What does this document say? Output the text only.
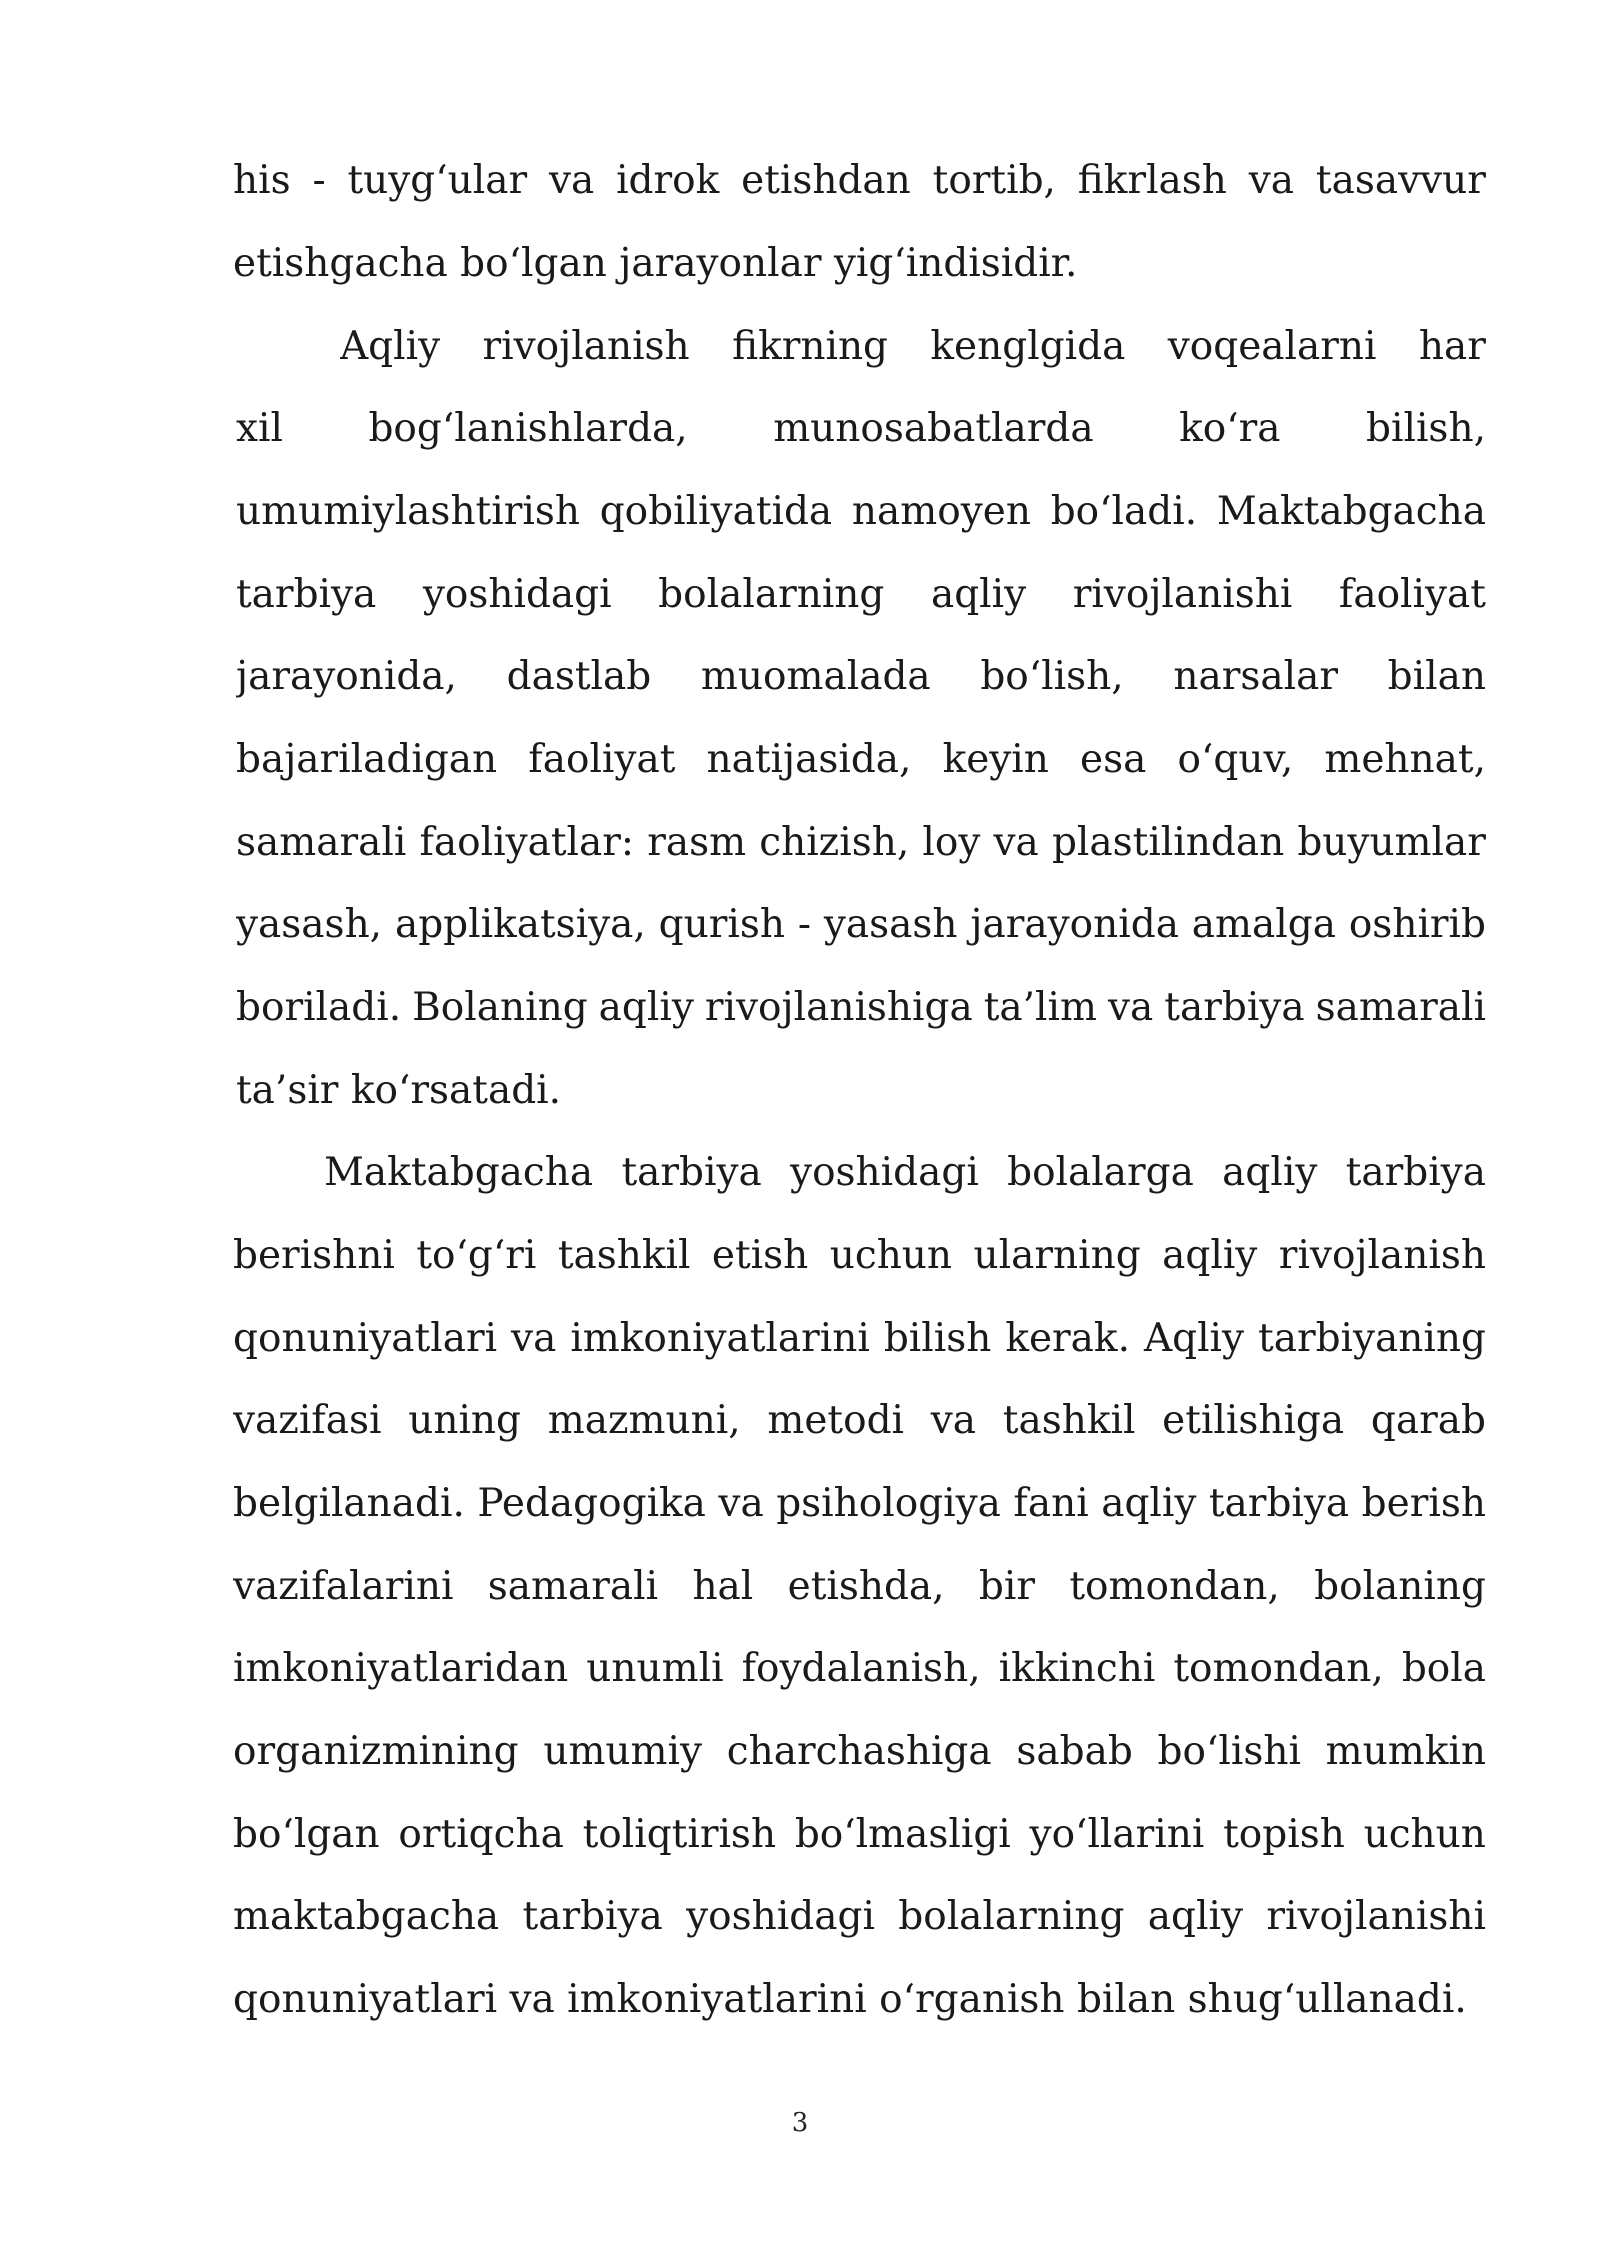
his - tuyg‘ular va idrok etishdan tortib, fikrlash va tasavvur
etishgacha bo‘lgan jarayonlar yig‘indisidir.
Aqliy rivojlanish fikrning kenglgida voqealarni har
xil bog‘lanishlarda, munosabatlarda ko‘ra bilish,
umumiylashtirish qobiliyatida namoyen bo‘ladi. Maktabgacha
tarbiya yoshidagi bolalarning aqliy rivojlanishi faoliyat
jarayonida, dastlab muomalada bo‘lish, narsalar bilan
bajariladigan faoliyat natijasida, keyin esa o‘quv, mehnat,
samarali faoliyatlar: rasm chizish, loy va plastilindan buyumlar
yasash, applikatsiya, qurish - yasash jarayonida amalga oshirib
boriladi. Bolaning aqliy rivojlanishiga ta’lim va tarbiya samarali
ta’sir ko‘rsatadi.
Maktabgacha tarbiya yoshidagi bolalarga aqliy tarbiya
berishni to‘g‘ri tashkil etish uchun ularning aqliy rivojlanish
qonuniyatlari va imkoniyatlarini bilish kerak. Aqliy tarbiyaning
vazifasi uning mazmuni, metodi va tashkil etilishiga qarab
belgilanadi. Pedagogika va psihologiya fani aqliy tarbiya berish
vazifalarini samarali hal etishda, bir tomondan, bolaning
imkoniyatlaridan unumli foydalanish, ikkinchi tomondan, bola
organizmining umumiy charchashiga sabab bo‘lishi mumkin
bo‘lgan ortiqcha toliqtirish bo‘lmasligi yo‘llarini topish uchun
maktabgacha tarbiya yoshidagi bolalarning aqliy rivojlanishi
qonuniyatlari va imkoniyatlarini o‘rganish bilan shug‘ullanadi.
3
